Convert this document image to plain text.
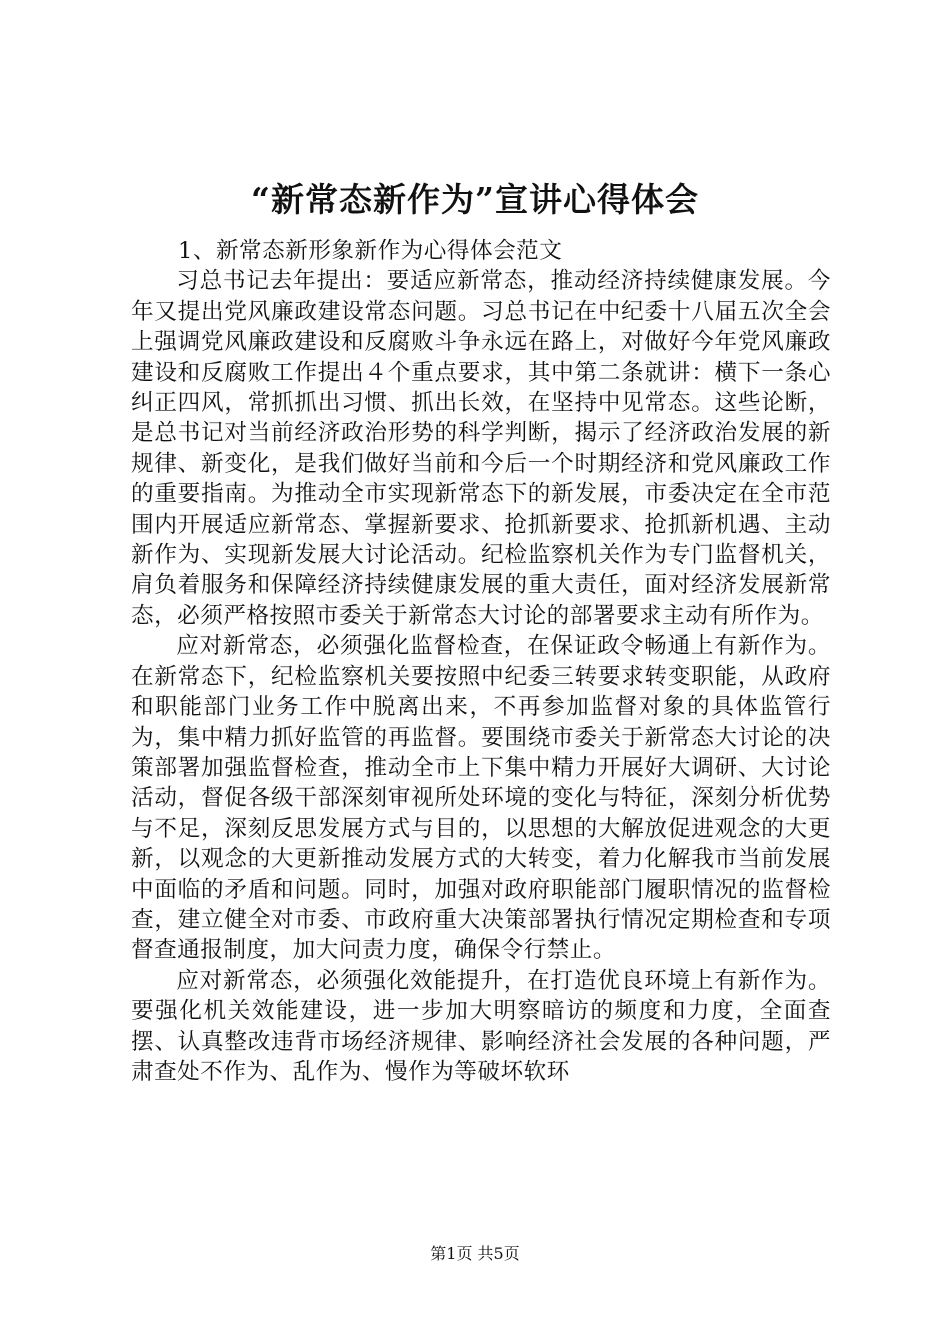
“新常态新作为”宣讲心得体会

1、新常态新形象新作为心得体会范文

习总书记去年提出：要适应新常态，推动经济持续健康发展。今年又提出党风廉政建设常态问题。习总书记在中纪委十八届五次全会上强调党风廉政建设和反腐败斗争永远在路上，对做好今年党风廉政建设和反腐败工作提出４个重点要求，其中第二条就讲：横下一条心纠正四风，常抓抓出习惯、抓出长效，在坚持中见常态。这些论断，是总书记对当前经济政治形势的科学判断，揭示了经济政治发展的新规律、新变化，是我们做好当前和今后一个时期经济和党风廉政工作的重要指南。为推动全市实现新常态下的新发展，市委决定在全市范围内开展适应新常态、掌握新要求、抢抓新要求、抢抓新机遇、主动新作为、实现新发展大讨论活动。纪检监察机关作为专门监督机关，肩负着服务和保障经济持续健康发展的重大责任，面对经济发展新常态，必须严格按照市委关于新常态大讨论的部署要求主动有所作为。

应对新常态，必须强化监督检查，在保证政令畅通上有新作为。在新常态下，纪检监察机关要按照中纪委三转要求转变职能，从政府和职能部门业务工作中脱离出来，不再参加监督对象的具体监管行为，集中精力抓好监管的再监督。要围绕市委关于新常态大讨论的决策部署加强监督检查，推动全市上下集中精力开展好大调研、大讨论活动，督促各级干部深刻审视所处环境的变化与特征，深刻分析优势与不足，深刻反思发展方式与目的，以思想的大解放促进观念的大更新，以观念的大更新推动发展方式的大转变，着力化解我市当前发展中面临的矛盾和问题。同时，加强对政府职能部门履职情况的监督检查，建立健全对市委、市政府重大决策部署执行情况定期检查和专项督查通报制度，加大问责力度，确保令行禁止。

应对新常态，必须强化效能提升，在打造优良环境上有新作为。要强化机关效能建设，进一步加大明察暗访的频度和力度，全面查摆、认真整改违背市场经济规律、影响经济社会发展的各种问题，严肃查处不作为、乱作为、慢作为等破坏软环

第1页 共5页
